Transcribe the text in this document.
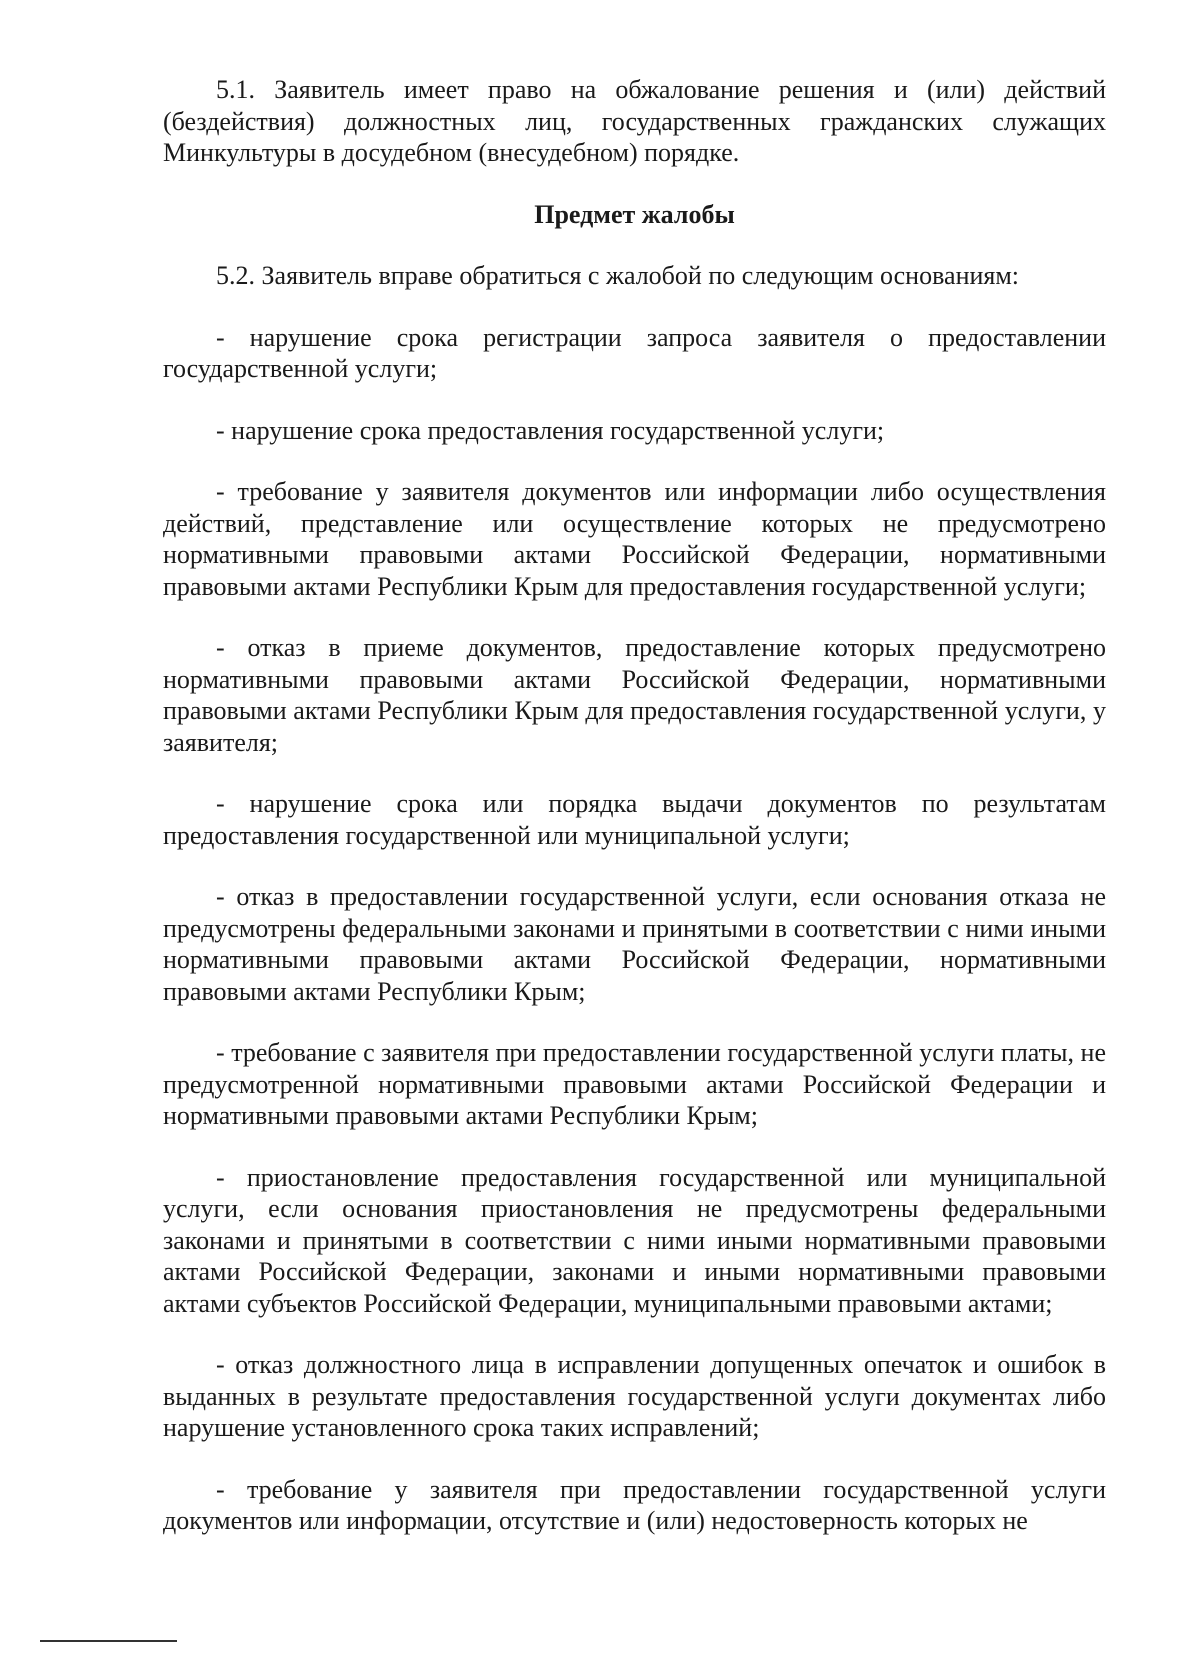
5.1. Заявитель имеет право на обжалование решения и (или) действий (бездействия) должностных лиц, государственных гражданских служащих Минкультуры в досудебном (внесудебном) порядке.

Предмет жалобы

5.2. Заявитель вправе обратиться с жалобой по следующим основаниям:

- нарушение срока регистрации запроса заявителя о предоставлении государственной услуги;

- нарушение срока предоставления государственной услуги;

- требование у заявителя документов или информации либо осуществления действий, представление или осуществление которых не предусмотрено нормативными правовыми актами Российской Федерации, нормативными правовыми актами Республики Крым для предоставления государственной услуги;

- отказ в приеме документов, предоставление которых предусмотрено нормативными правовыми актами Российской Федерации, нормативными правовыми актами Республики Крым для предоставления государственной услуги, у заявителя;

- нарушение срока или порядка выдачи документов по результатам предоставления государственной или муниципальной услуги;

- отказ в предоставлении государственной услуги, если основания отказа не предусмотрены федеральными законами и принятыми в соответствии с ними иными нормативными правовыми актами Российской Федерации, нормативными правовыми актами Республики Крым;

- требование с заявителя при предоставлении государственной услуги платы, не предусмотренной нормативными правовыми актами Российской Федерации и нормативными правовыми актами Республики Крым;

- приостановление предоставления государственной или муниципальной услуги, если основания приостановления не предусмотрены федеральными законами и принятыми в соответствии с ними иными нормативными правовыми актами Российской Федерации, законами и иными нормативными правовыми актами субъектов Российской Федерации, муниципальными правовыми актами;

- отказ должностного лица в исправлении допущенных опечаток и ошибок в выданных в результате предоставления государственной услуги документах либо нарушение установленного срока таких исправлений;

- требование у заявителя при предоставлении государственной услуги документов или информации, отсутствие и (или) недостоверность которых не
